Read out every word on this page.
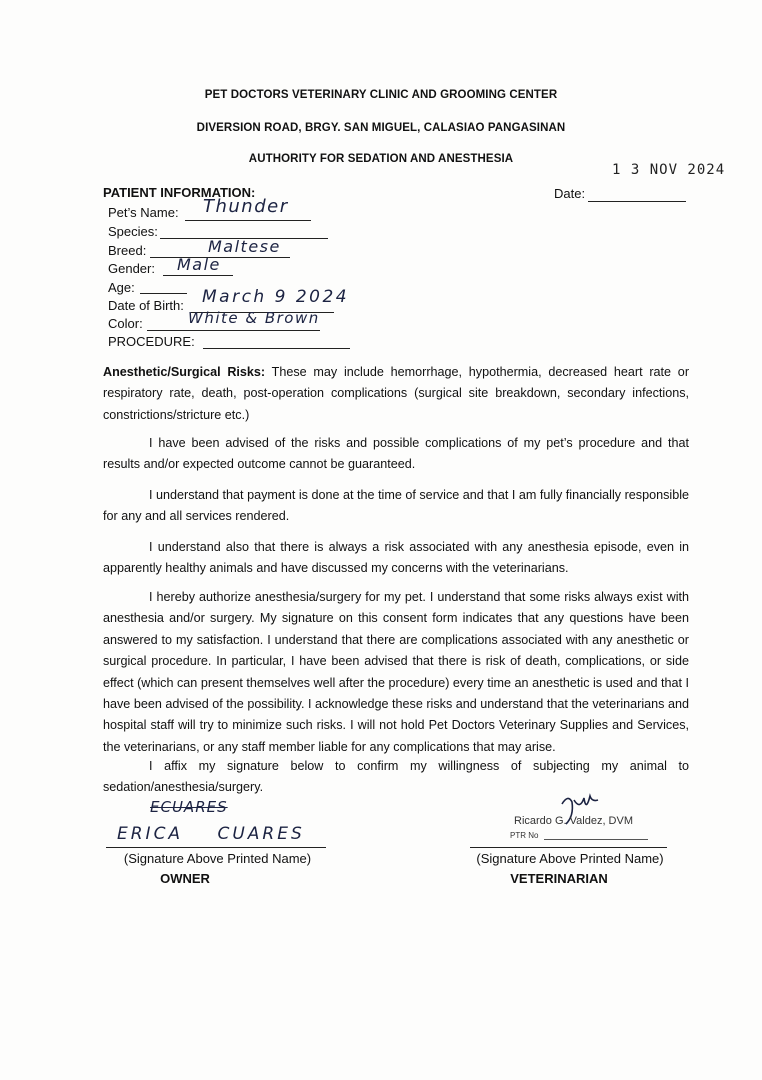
PET DOCTORS VETERINARY CLINIC AND GROOMING CENTER
DIVERSION ROAD, BRGY. SAN MIGUEL, CALASIAO PANGASINAN
AUTHORITY FOR SEDATION AND ANESTHESIA
1 3 NOV 2024
Date:
PATIENT INFORMATION:
Pet’s Name: Thunder
Species:
Breed:	Maltese
Gender: Male
Age:
Date of Birth: March 9 2024
Color:	White & Brown
PROCEDURE:
Anesthetic/Surgical Risks: These may include hemorrhage, hypothermia, decreased heart rate or respiratory rate, death, post-operation complications (surgical site breakdown, secondary infections, constrictions/stricture etc.)
I have been advised of the risks and possible complications of my pet’s procedure and that results and/or expected outcome cannot be guaranteed.
I understand that payment is done at the time of service and that I am fully financially responsible for any and all services rendered.
I understand also that there is always a risk associated with any anesthesia episode, even in apparently healthy animals and have discussed my concerns with the veterinarians.
I hereby authorize anesthesia/surgery for my pet. I understand that some risks always exist with anesthesia and/or surgery. My signature on this consent form indicates that any questions have been answered to my satisfaction. I understand that there are complications associated with any anesthetic or surgical procedure. In particular, I have been advised that there is risk of death, complications, or side effect (which can present themselves well after the procedure) every time an anesthetic is used and that I have been advised of the possibility. I acknowledge these risks and understand that the veterinarians and hospital staff will try to minimize such risks. I will not hold Pet Doctors Veterinary Supplies and Services, the veterinarians, or any staff member liable for any complications that may arise.
I affix my signature below to confirm my willingness of subjecting my animal to sedation/anesthesia/surgery.
ECUARES
ERICA CUARES
(Signature Above Printed Name)
OWNER
Ricardo G. Valdez, DVM
PTR No
(Signature Above Printed Name)
VETERINARIAN
